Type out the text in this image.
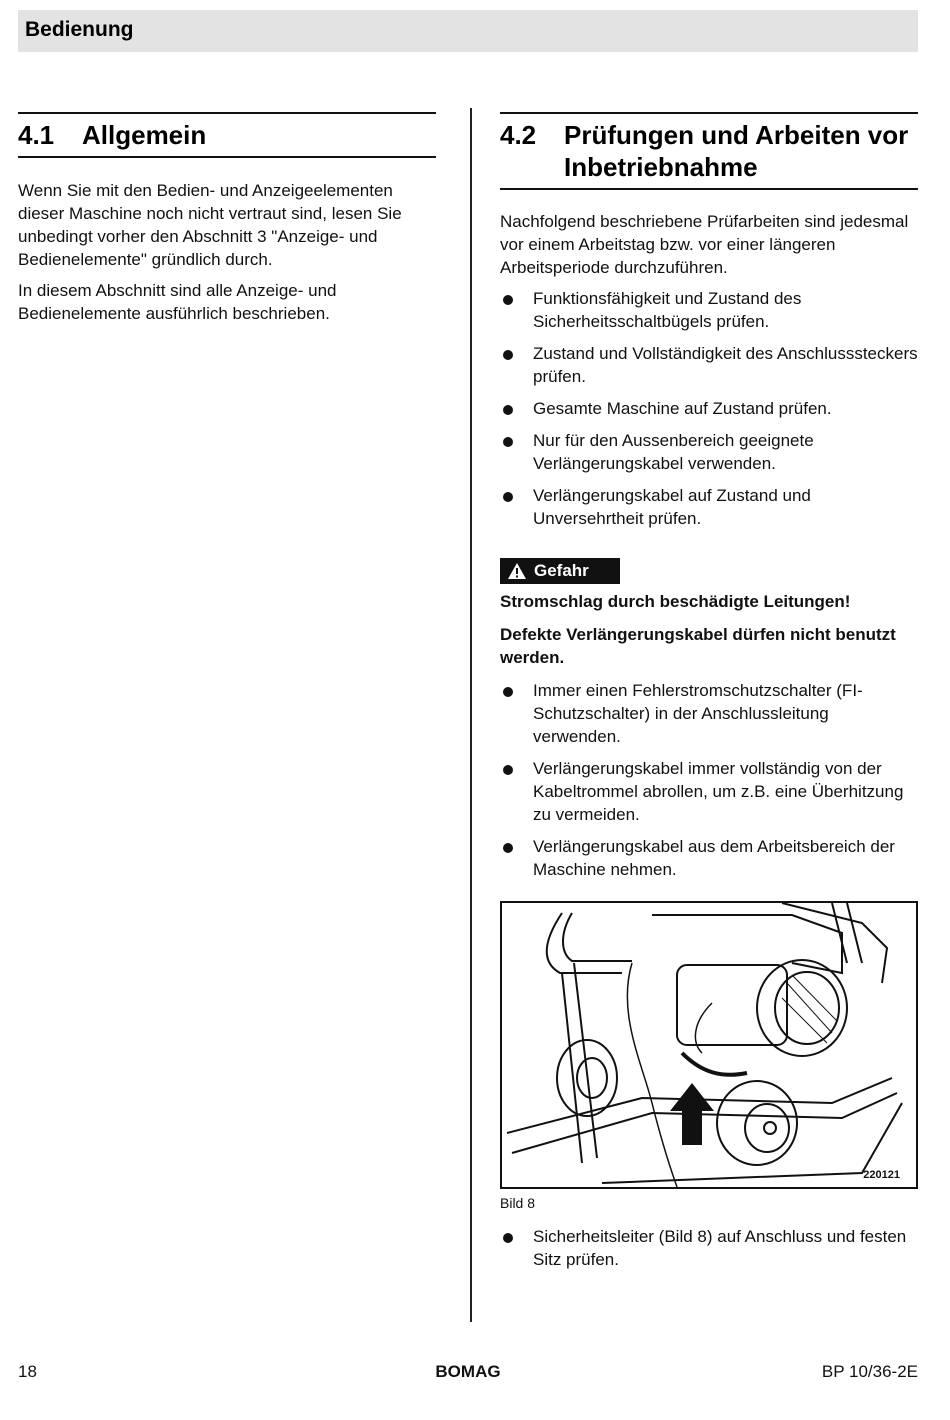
Bedienung
4.1	Allgemein

Wenn Sie mit den Bedien- und Anzeigeelementen dieser Maschine noch nicht vertraut sind, lesen Sie unbedingt vorher den Abschnitt 3 "Anzeige- und Bedienelemente" gründlich durch.

In diesem Abschnitt sind alle Anzeige- und Bedienelemente ausführlich beschrieben.

4.2	Prüfungen und Arbeiten vor Inbetriebnahme

Nachfolgend beschriebene Prüfarbeiten sind jedesmal vor einem Arbeitstag bzw. vor einer längeren Arbeitsperiode durchzuführen.

Funktionsfähigkeit und Zustand des Sicherheitsschaltbügels prüfen.
Zustand und Vollständigkeit des Anschlusssteckers prüfen.
Gesamte Maschine auf Zustand prüfen.
Nur für den Aussenbereich geeignete Verlängerungskabel verwenden.
Verlängerungskabel auf Zustand und Unversehrtheit prüfen.
Gefahr

Stromschlag durch beschädigte Leitungen!

Defekte Verlängerungskabel dürfen nicht benutzt werden.

Immer einen Fehlerstromschutzschalter (FI-Schutzschalter) in der Anschlussleitung verwenden.
Verlängerungskabel immer vollständig von der Kabeltrommel abrollen, um z.B. eine Überhitzung zu vermeiden.
Verlängerungskabel aus dem Arbeitsbereich der Maschine nehmen.
220121
Bild 8
Sicherheitsleiter (Bild 8) auf Anschluss und festen Sitz prüfen.
18	BOMAG	BP 10/36-2E
